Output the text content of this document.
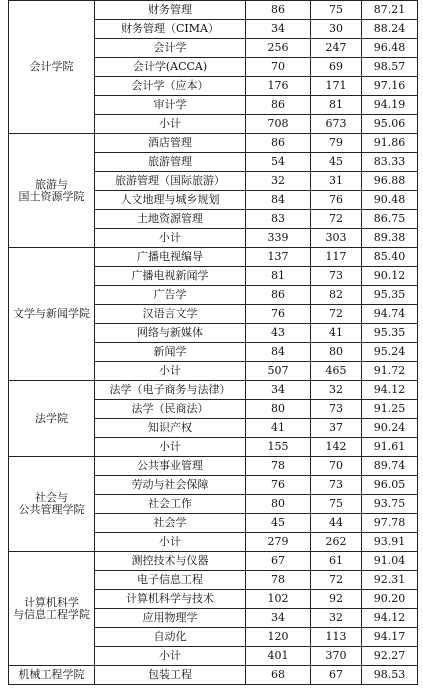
会计学院	财务管理	86	75	87.21
	财务管理（CIMA）	34	30	88.24
	会计学	256	247	96.48
	会计学(ACCA)	70	69	98.57
	会计学（应本）	176	171	97.16
	审计学	86	81	94.19
	小计	708	673	95.06

旅游与
国土资源学院	酒店管理	86	79	91.86
	旅游管理	54	45	83.33
	旅游管理（国际旅游）	32	31	96.88
	人文地理与城乡规划	84	76	90.48
	土地资源管理	83	72	86.75
	小计	339	303	89.38

文学与新闻学院	广播电视编导	137	117	85.40
	广播电视新闻学	81	73	90.12
	广告学	86	82	95.35
	汉语言文学	76	72	94.74
	网络与新媒体	43	41	95.35
	新闻学	84	80	95.24
	小计	507	465	91.72

法学院	法学（电子商务与法律）	34	32	94.12
	法学（民商法）	80	73	91.25
	知识产权	41	37	90.24
	小计	155	142	91.61

社会与
公共管理学院	公共事业管理	78	70	89.74
	劳动与社会保障	76	73	96.05
	社会工作	80	75	93.75
	社会学	45	44	97.78
	小计	279	262	93.91

计算机科学
与信息工程学院	测控技术与仪器	67	61	91.04
	电子信息工程	78	72	92.31
	计算机科学与技术	102	92	90.20
	应用物理学	34	32	94.12
	自动化	120	113	94.17
	小计	401	370	92.27

机械工程学院	包装工程	68	67	98.53
